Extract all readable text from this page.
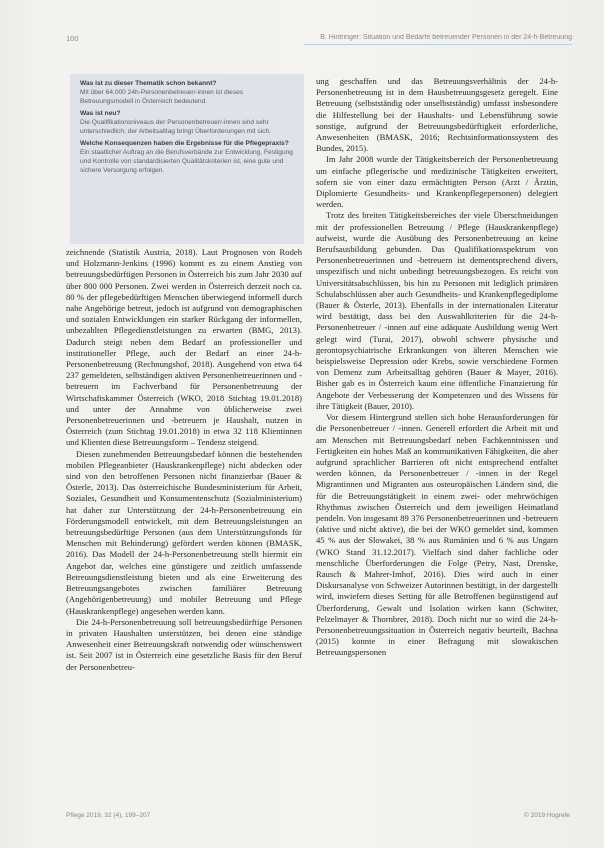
100	B. Hintringer: Situation und Bedarfe betreuender Personen in der 24-h-Betreuung

Was ist zu dieser Thematik schon bekannt?

Mit über 64.000 24h-Personenbetreuer/-innen ist dieses Betreuungsmodell in Österreich bedeutend.

Was ist neu?

Die Qualifikationsniveaus der Personenbetreuer/-innen sind sehr unterschiedlich; der Arbeitsalltag bringt Überforderungen mit sich.

Welche Konsequenzen haben die Ergebnisse für die Pflegepraxis?

Ein staatlicher Auftrag an die Berufsverbände zur Entwicklung, Festigung und Kontrolle von standardisierten Qualitätskriterien ist, eine gute und sichere Versorgung erfolgen.

zeichnende (Statistik Austria, 2018). Laut Prognosen von Rodeh und Holzmann-Jenkins (1996) kommt es zu einem Anstieg von betreuungsbedürftigen Personen in Österreich bis zum Jahr 2030 auf über 800 000 Personen. Zwei werden in Österreich derzeit noch ca. 80 % der pflegebedürftigen Menschen überwiegend informell durch nahe Angehörige betreut, jedoch ist aufgrund von demographischen und sozialen Entwicklungen ein starker Rückgang der informellen, unbezahlten Pflegedienstleistungen zu erwarten (BMG, 2013). Dadurch steigt neben dem Bedarf an professioneller und institutioneller Pflege, auch der Bedarf an einer 24-h-Personenbetreuung (Rechnungshof, 2018). Ausgehend von etwa 64 237 gemeldeten, selbständigen aktiven Personenbetreuerinnen und -betreuern im Fachverband für Personenbetreuung der Wirtschaftskammer Österreich (WKO, 2018 Stichtag 19.01.2018) und unter der Annahme von üblicherweise zwei Personenbetreuerinnen und -betreuern je Haushalt, nutzen in Österreich (zum Stichtag 19.01.2018) in etwa 32 118 Klientinnen und Klienten diese Betreuungsform – Tendenz steigend.

Diesen zunehmenden Betreuungsbedarf können die bestehenden mobilen Pflegeanbieter (Hauskrankenpflege) nicht abdecken oder sind von den betroffenen Personen nicht finanzierbar (Bauer & Österle, 2013). Das österreichische Bundesministerium für Arbeit, Soziales, Gesundheit und Konsumentenschutz (Sozialministerium) hat daher zur Unterstützung der 24-h-Personenbetreuung ein Förderungsmodell entwickelt, mit dem Betreuungsleistungen an betreuungsbedürftige Personen (aus dem Unterstützungsfonds für Menschen mit Behinderung) gefördert werden können (BMASK, 2016). Das Modell der 24-h-Personenbetreuung stellt hiermit ein Angebot dar, welches eine günstigere und zeitlich umfassende Betreuungsdienstleistung bieten und als eine Erweiterung des Betreuungsangebotes zwischen familiärer Betreuung (Angehörigenbetreuung) und mobiler Betreuung und Pflege (Hauskrankenpflege) angesehen werden kann.

Die 24-h-Personenbetreuung soll betreuungsbedürftige Personen in privaten Haushalten unterstützen, bei denen eine ständige Anwesenheit einer Betreuungskraft notwendig oder wünschenswert ist. Seit 2007 ist in Österreich eine gesetzliche Basis für den Beruf der Personenbetreu-

ung geschaffen und das Betreuungsverhältnis der 24-h-Personenbetreuung ist in dem Hausbetreuungsgesetz geregelt. Eine Betreuung (selbstständig oder unselbstständig) umfasst insbesondere die Hilfestellung bei der Haushalts- und Lebensführung sowie sonstige, aufgrund der Betreuungsbedürftigkeit erforderliche, Anwesenheiten (BMASK, 2016; Rechtsinformationssystem des Bundes, 2015).

Im Jahr 2008 wurde der Tätigkeitsbereich der Personenbetreuung um einfache pflegerische und medizinische Tätigkeiten erweitert, sofern sie von einer dazu ermächtigten Person (Arzt / Ärztin, Diplomierte Gesundheits- und Krankenpflegepersonen) delegiert werden.

Trotz des breiten Tätigkeitsbereiches der viele Überschneidungen mit der professionellen Betreuung / Pflege (Hauskrankenpflege) aufweist, wurde die Ausübung des Personenbetreuung an keine Berufsausbildung gebunden. Das Qualifikationsspektrum von Personenbetreuerinnen und -betreuern ist dementsprechend divers, unspezifisch und nicht unbedingt betreuungsbezogen. Es reicht von Universitätsabschlüssen, bis hin zu Personen mit lediglich primären Schulabschlüssen aber auch Gesundheits- und Krankenpflegediplome (Bauer & Österle, 2013). Ebenfalls in der internationalen Literatur wird bestätigt, dass bei den Auswahlkriterien für die 24-h-Personenbetreuer / -innen auf eine adäquate Ausbildung wenig Wert gelegt wird (Turai, 2017), obwohl schwere physische und gerontopsychiatrische Erkrankungen von älteren Menschen wie beispielsweise Depression oder Krebs, sowie verschiedene Formen von Demenz zum Arbeitsalltag gehören (Bauer & Mayer, 2016). Bisher gab es in Österreich kaum eine öffentliche Finanzierung für Angebote der Verbesserung der Kompetenzen und des Wissens für ihre Tätigkeit (Bauer, 2010).

Vor diesem Hintergrund stellen sich hohe Herausforderungen für die Personenbetreuer / -innen. Generell erfordert die Arbeit mit und am Menschen mit Betreuungsbedarf neben Fachkenntnissen und Fertigkeiten ein hohes Maß an kommunikativen Fähigkeiten, die aber aufgrund sprachlicher Barrieren oft nicht entsprechend entfaltet werden können, da Personenbetreuer / -innen in der Regel Migrantinnen und Migranten aus osteuropäischen Ländern sind, die für die Betreuungstätigkeit in einem zwei- oder mehrwöchigen Rhythmus zwischen Österreich und dem jeweiligen Heimatland pendeln. Von insgesamt 89 376 Personenbetreuerinnen und -betreuern (aktive und nicht aktive), die bei der WKO gemeldet sind, kommen 45 % aus der Slowakei, 38 % aus Rumänien und 6 % aus Ungarn (WKO Stand 31.12.2017). Vielfach sind daher fachliche oder menschliche Überforderungen die Folge (Petry, Nast, Drenske, Rausch & Mahrer-Imhof, 2016). Dies wird auch in einer Diskursanalyse von Schweizer Autorinnen bestätigt, in der dargestellt wird, inwiefern dieses Setting für alle Betroffenen begünstigend auf Überforderung, Gewalt und Isolation wirken kann (Schwiter, Pelzelmayer & Thornbrer, 2018). Doch nicht nur so wird die 24-h-Personenbetreuungssituation in Österreich negativ beurteilt, Bachna (2015) konnte in einer Befragung mit slowakischen Betreuungspersonen

Pflege 2019, 32 (4), 199–207	© 2019 Hogrefe
